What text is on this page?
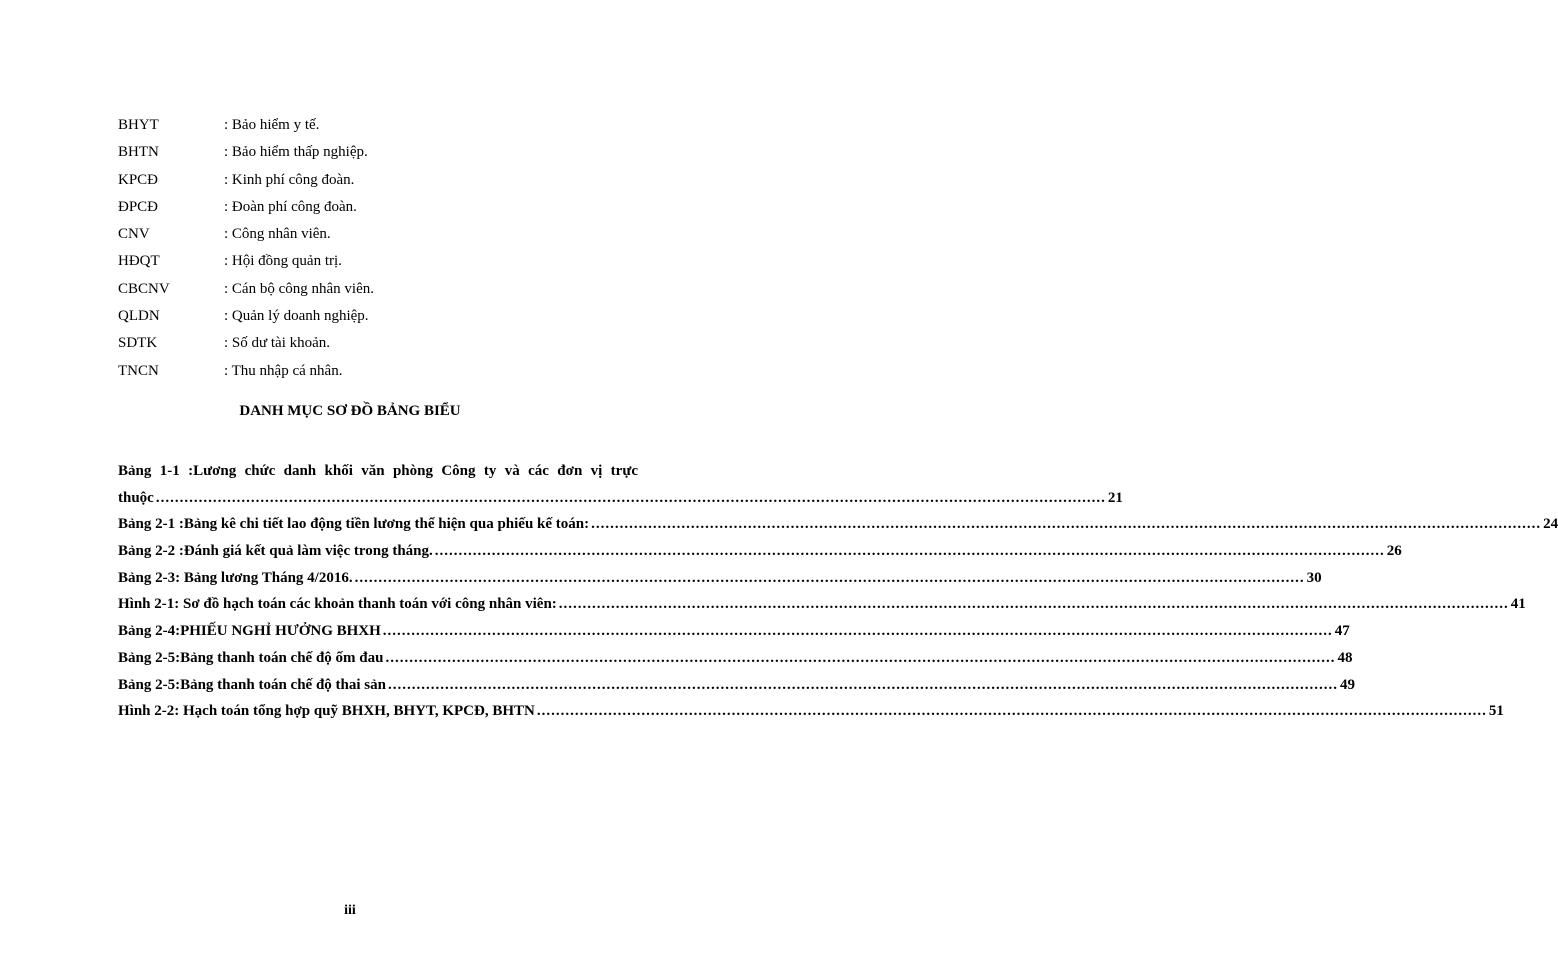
BHYT	: Bảo hiểm y tế.
BHTN	: Bảo hiểm thấp nghiệp.
KPCĐ	: Kinh phí công đoàn.
ĐPCĐ	: Đoàn phí công đoàn.
CNV	: Công nhân viên.
HĐQT	: Hội đồng quản trị.
CBCNV	: Cán bộ công nhân viên.
QLDN	: Quản lý doanh nghiệp.
SDTK	: Số dư tài khoản.
TNCN	: Thu nhập cá nhân.
DANH MỤC SƠ ĐỒ BẢNG BIỂU
Bảng 1-1 :Lương chức danh khối văn phòng Công ty và các đơn vị trực
thuộc ........................................................................................................................................................................................................ 21
Bảng 2-1 :Bảng kê chi tiết lao động tiền lương thể hiện qua phiếu kế toán: ........................................................................................................................................................................................................ 24
Bảng 2-2 :Đánh giá kết quả làm việc trong tháng. ........................................................................................................................................................................................................ 26
Bảng 2-3: Bảng lương Tháng 4/2016. ........................................................................................................................................................................................................ 30
Hình 2-1: Sơ đồ hạch toán các khoản thanh toán với công nhân viên: ........................................................................................................................................................................................................ 41
Bảng 2-4:PHIẾU NGHỈ HƯỞNG BHXH ........................................................................................................................................................................................................ 47
Bảng 2-5:Bảng thanh toán chế độ ốm đau ........................................................................................................................................................................................................ 48
Bảng 2-5:Bảng thanh toán chế độ thai sản ........................................................................................................................................................................................................ 49
Hình 2-2: Hạch toán tổng hợp quỹ BHXH, BHYT, KPCĐ, BHTN ........................................................................................................................................................................................................ 51
iii
